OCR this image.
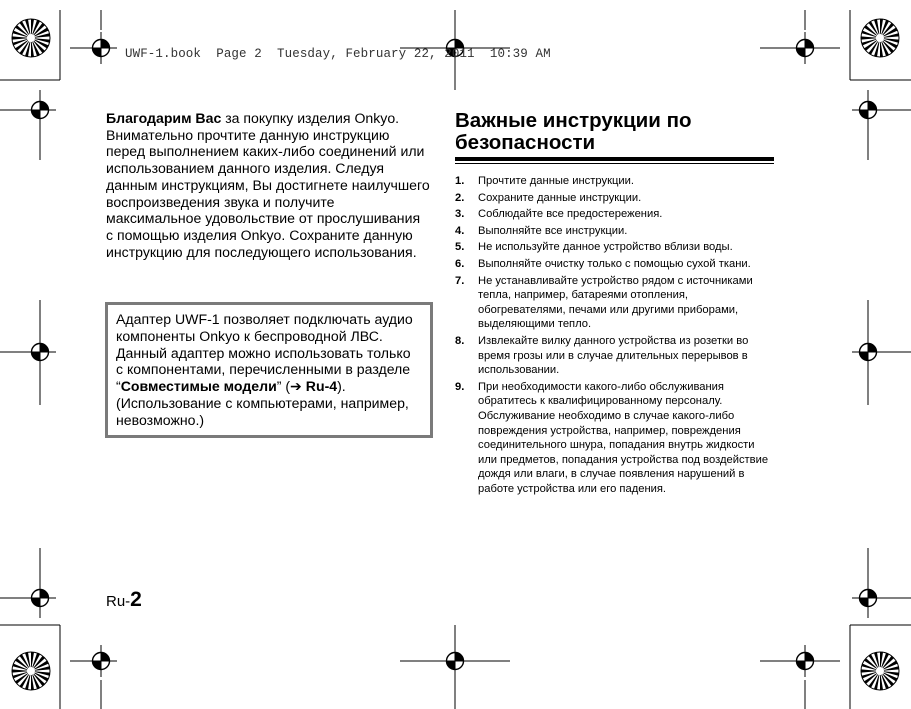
UWF-1.book Page 2 Tuesday, February 22, 2011 10:39 AM
Благодарим Вас за покупку изделия Onkyo. Внимательно прочтите данную инструкцию перед выполнением каких-либо соединений или использованием данного изделия. Следуя данным инструкциям, Вы достигнете наилучшего воспроизведения звука и получите максимальное удовольствие от прослушивания с помощью изделия Onkyo. Сохраните данную инструкцию для последующего использования.
Адаптер UWF-1 позволяет подключать аудио компоненты Onkyo к беспроводной ЛВС. Данный адаптер можно использовать только с компонентами, перечисленными в разделе “Совместимые модели” (➔ Ru-4). (Использование с компьютерами, например, невозможно.)
Важные инструкции по безопасности
1. Прочтите данные инструкции.
2. Сохраните данные инструкции.
3. Соблюдайте все предостережения.
4. Выполняйте все инструкции.
5. Не используйте данное устройство вблизи воды.
6. Выполняйте очистку только с помощью сухой ткани.
7. Не устанавливайте устройство рядом с источниками тепла, например, батареями отопления, обогревателями, печами или другими приборами, выделяющими тепло.
8. Извлекайте вилку данного устройства из розетки во время грозы или в случае длительных перерывов в использовании.
9. При необходимости какого-либо обслуживания обратитесь к квалифицированному персоналу. Обслуживание необходимо в случае какого-либо повреждения устройства, например, повреждения соединительного шнура, попадания внутрь жидкости или предметов, попадания устройства под воздействие дождя или влаги, в случае появления нарушений в работе устройства или его падения.
Ru-2
